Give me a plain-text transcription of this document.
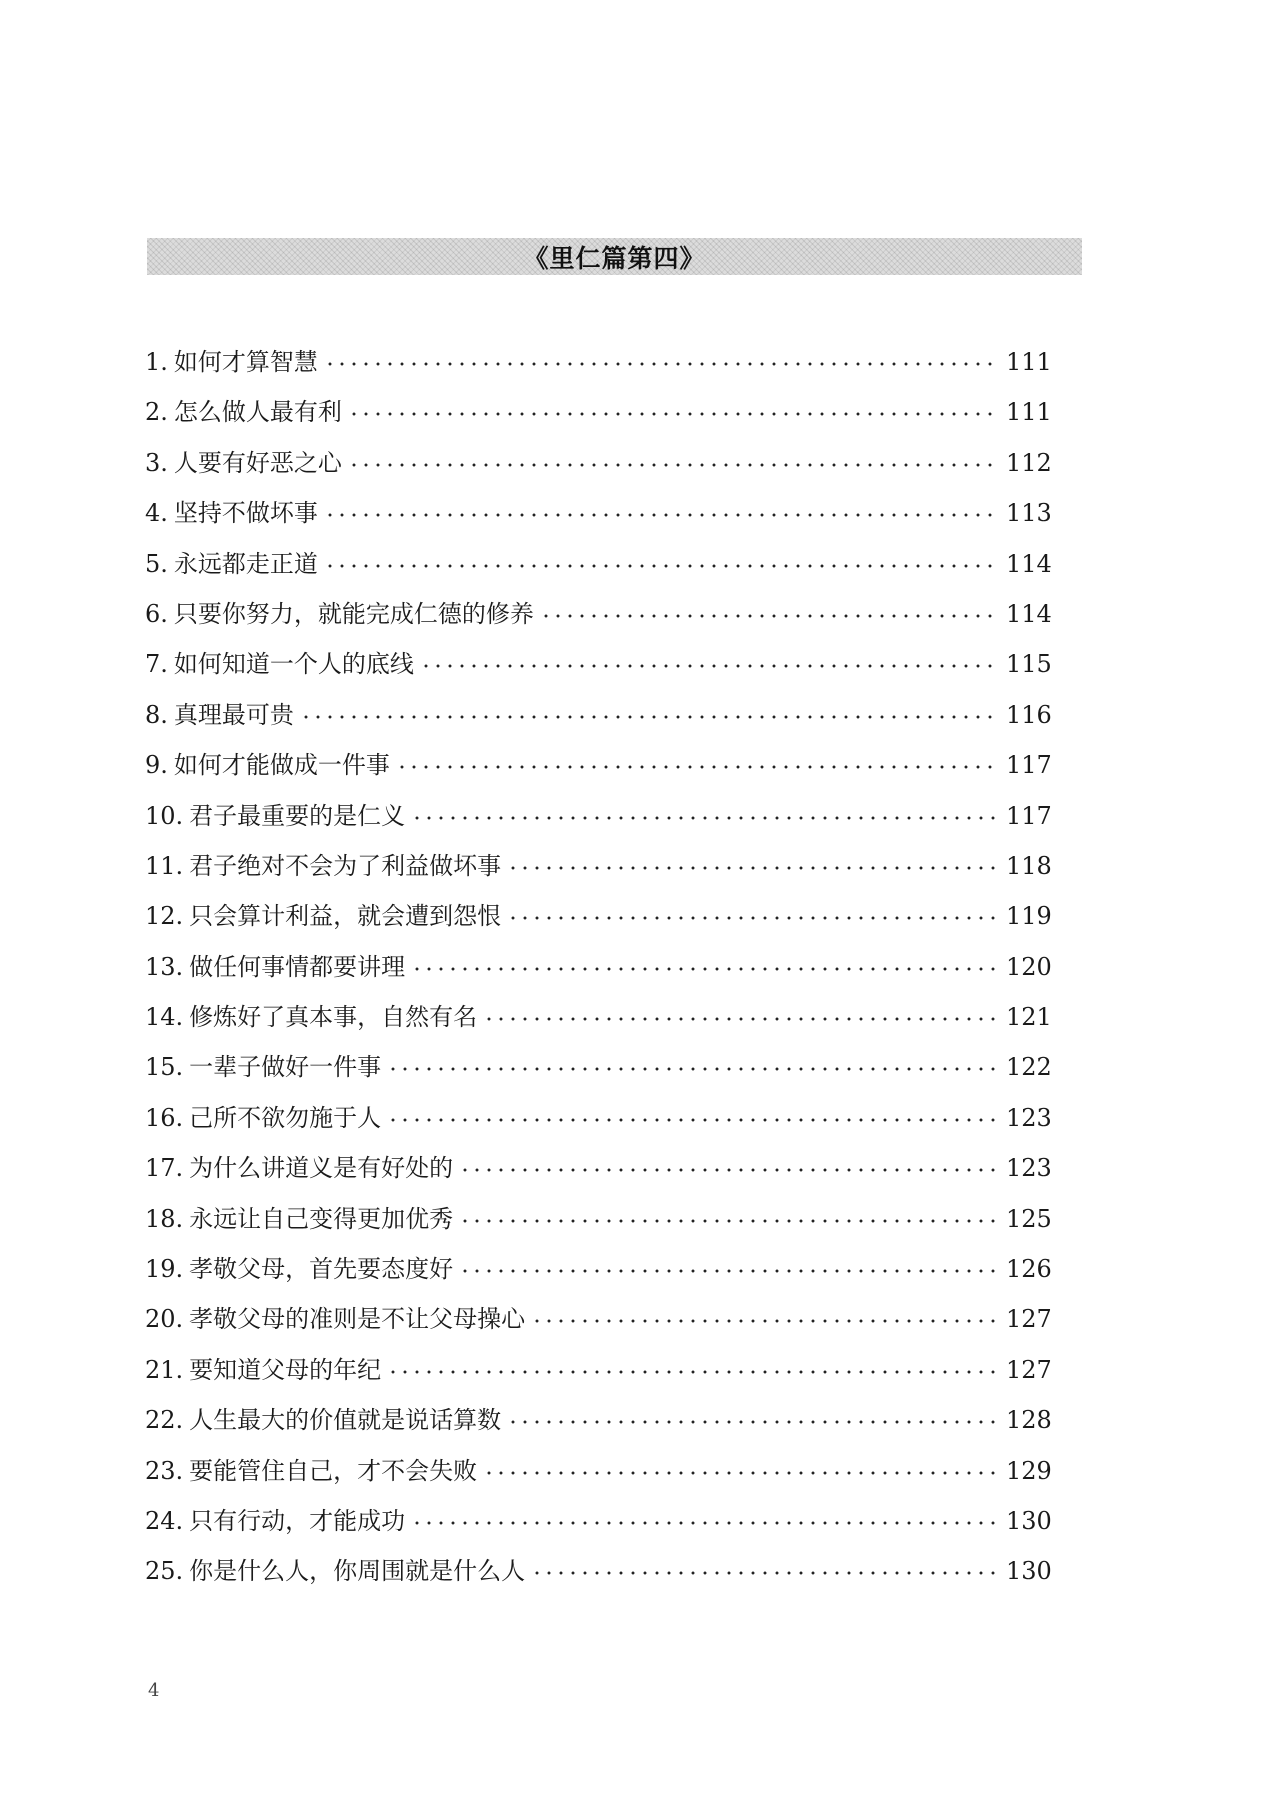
《里仁篇第四》
1. 如何才算智慧	111
2. 怎么做人最有利	111
3. 人要有好恶之心	112
4. 坚持不做坏事	113
5. 永远都走正道	114
6. 只要你努力，就能完成仁德的修养	114
7. 如何知道一个人的底线	115
8. 真理最可贵	116
9. 如何才能做成一件事	117
10. 君子最重要的是仁义	117
11. 君子绝对不会为了利益做坏事	118
12. 只会算计利益，就会遭到怨恨	119
13. 做任何事情都要讲理	120
14. 修炼好了真本事，自然有名	121
15. 一辈子做好一件事	122
16. 己所不欲勿施于人	123
17. 为什么讲道义是有好处的	123
18. 永远让自己变得更加优秀	125
19. 孝敬父母，首先要态度好	126
20. 孝敬父母的准则是不让父母操心	127
21. 要知道父母的年纪	127
22. 人生最大的价值就是说话算数	128
23. 要能管住自己，才不会失败	129
24. 只有行动，才能成功	130
25. 你是什么人，你周围就是什么人	130
4
